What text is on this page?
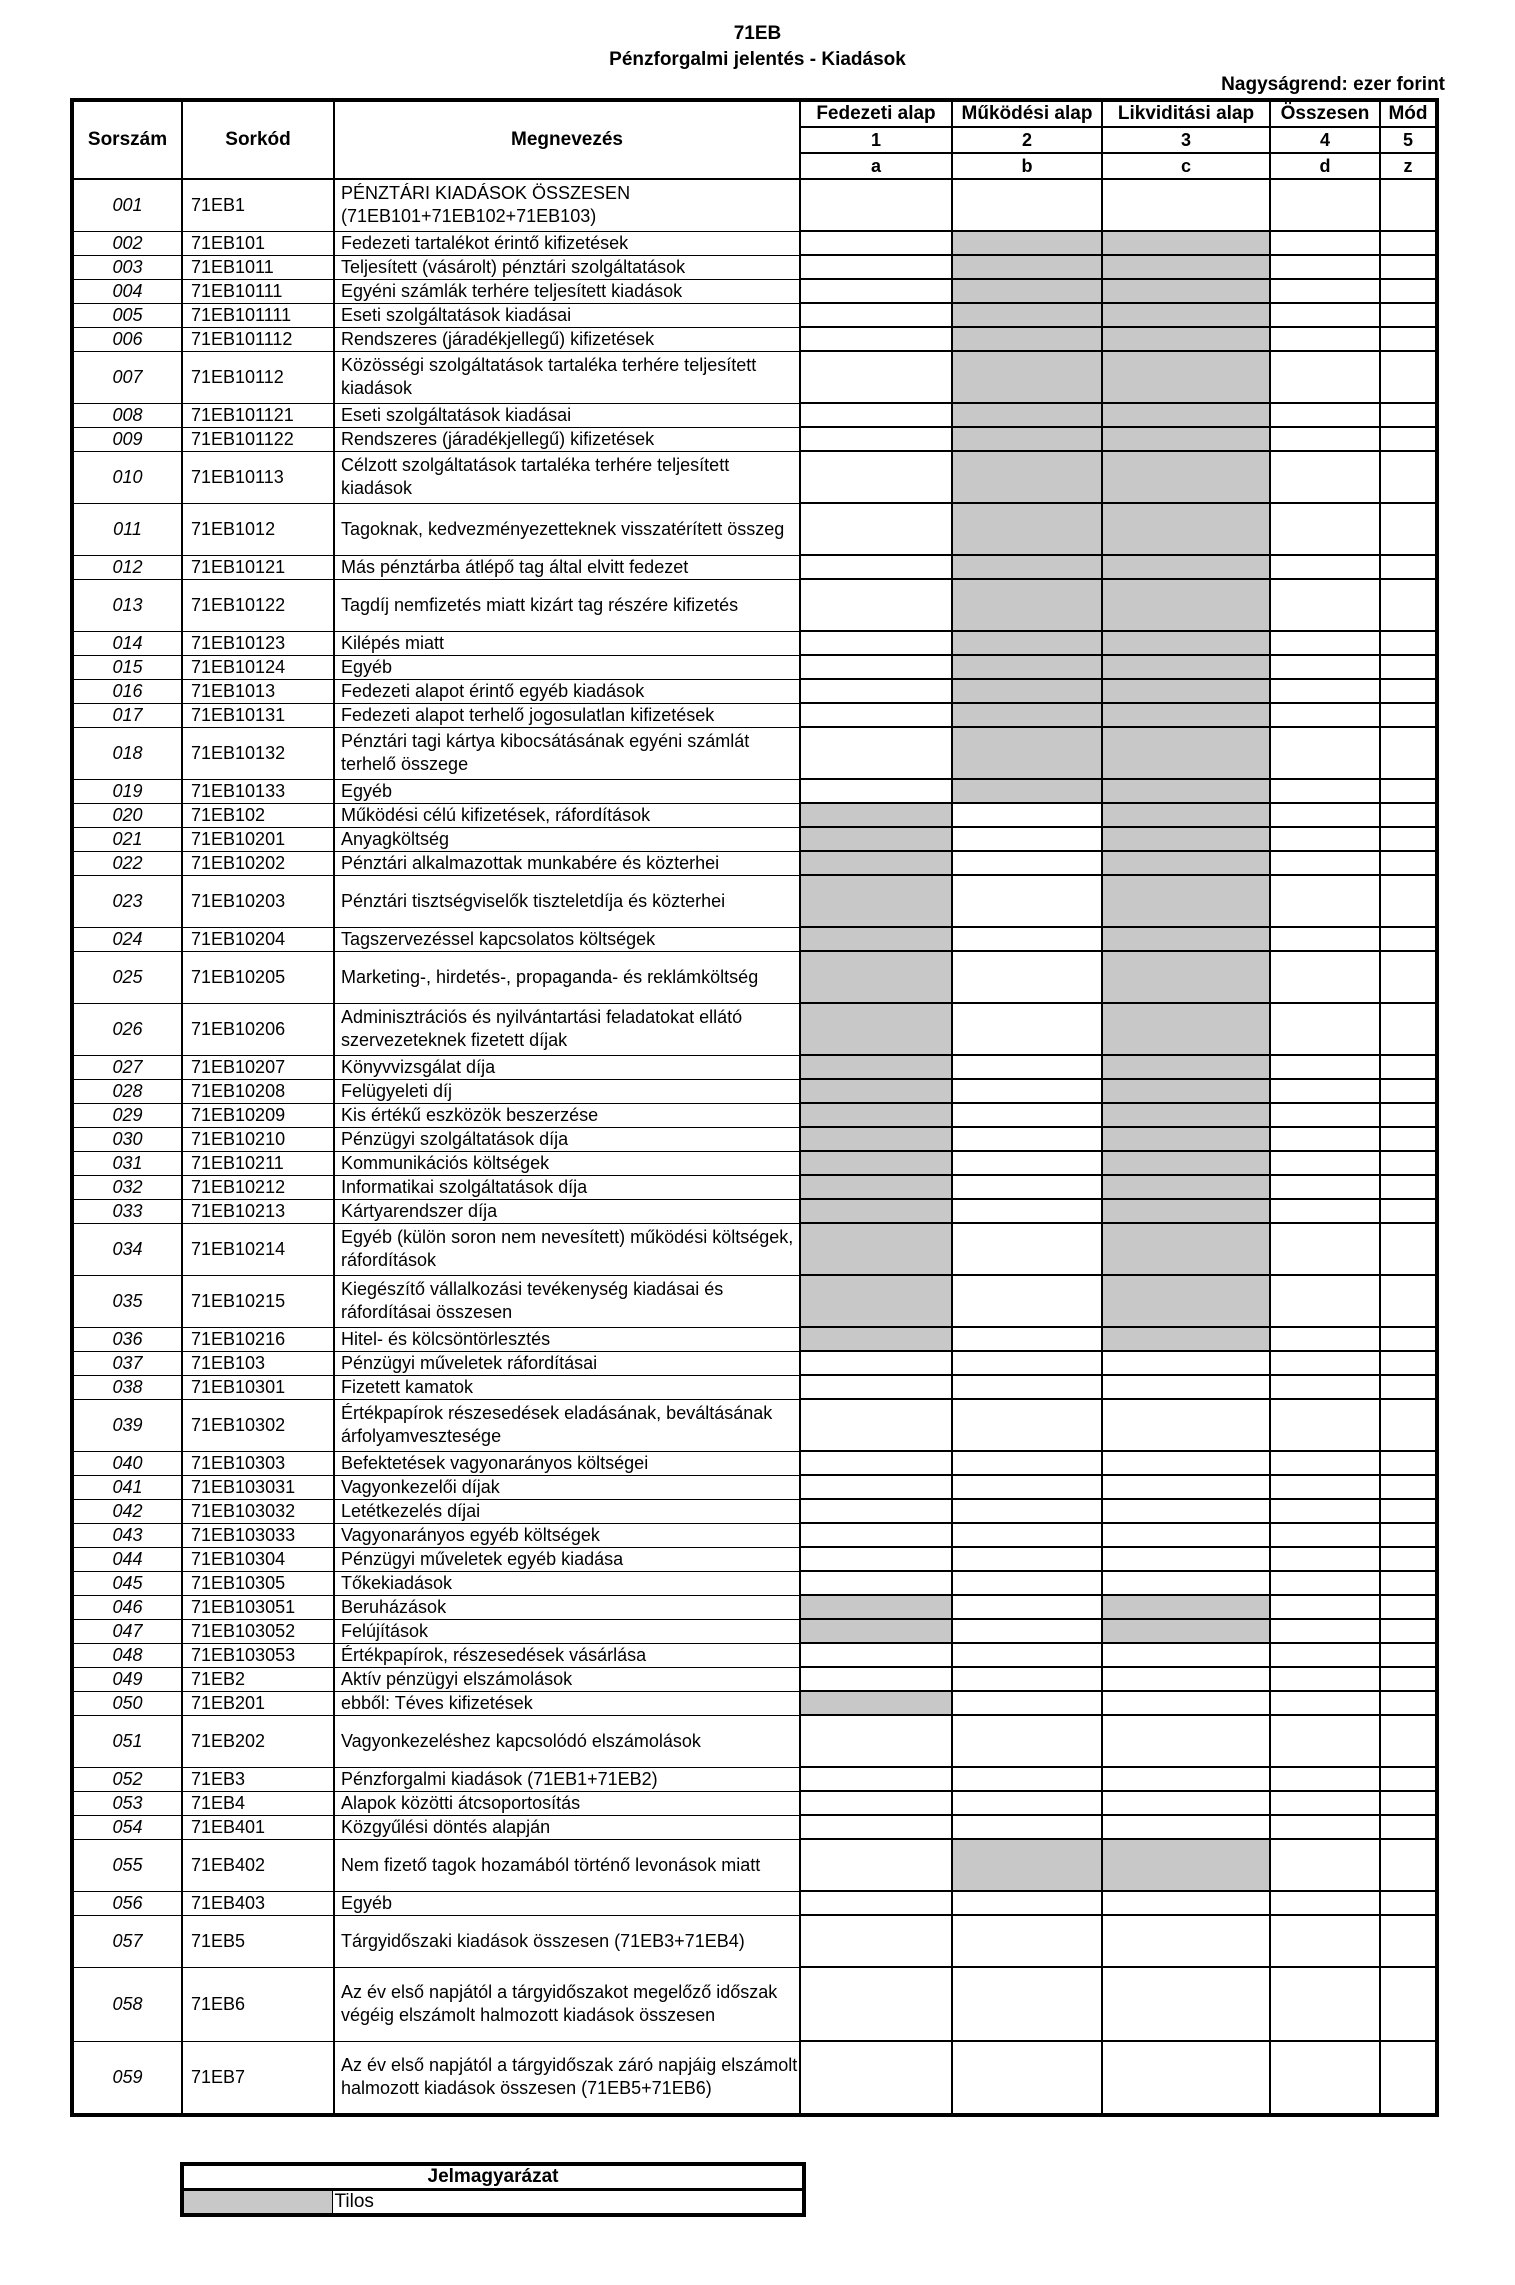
71EB
Pénzforgalmi jelentés - Kiadások
Nagyságrend: ezer forint
Sorszám	Sorkód	Megnevezés	Fedezeti alap	Működési alap	Likviditási alap	Összesen	Mód
			1	2	3	4	5
			a	b	c	d	z
001	71EB1	PÉNZTÁRI KIADÁSOK ÖSSZESEN (71EB101+71EB102+71EB103)					
002	71EB101	Fedezeti tartalékot érintő kifizetések					
003	71EB1011	Teljesített (vásárolt) pénztári szolgáltatások					
004	71EB10111	Egyéni számlák terhére teljesített kiadások					
005	71EB101111	Eseti szolgáltatások kiadásai					
006	71EB101112	Rendszeres (járadékjellegű) kifizetések					
007	71EB10112	Közösségi szolgáltatások tartaléka terhére teljesített kiadások					
008	71EB101121	Eseti szolgáltatások kiadásai					
009	71EB101122	Rendszeres (járadékjellegű) kifizetések					
010	71EB10113	Célzott szolgáltatások tartaléka terhére teljesített kiadások					
011	71EB1012	Tagoknak, kedvezményezetteknek visszatérített összeg					
012	71EB10121	Más pénztárba átlépő tag által elvitt fedezet					
013	71EB10122	Tagdíj nemfizetés miatt kizárt tag részére kifizetés					
014	71EB10123	Kilépés miatt					
015	71EB10124	Egyéb					
016	71EB1013	Fedezeti alapot érintő egyéb kiadások					
017	71EB10131	Fedezeti alapot terhelő jogosulatlan kifizetések					
018	71EB10132	Pénztári tagi kártya kibocsátásának egyéni számlát terhelő összege					
019	71EB10133	Egyéb					
020	71EB102	Működési célú kifizetések, ráfordítások					
021	71EB10201	Anyagköltség					
022	71EB10202	Pénztári alkalmazottak munkabére és közterhei					
023	71EB10203	Pénztári tisztségviselők tiszteletdíja és közterhei					
024	71EB10204	Tagszervezéssel kapcsolatos költségek					
025	71EB10205	Marketing-, hirdetés-, propaganda- és reklámköltség					
026	71EB10206	Adminisztrációs és nyilvántartási feladatokat ellátó szervezeteknek fizetett díjak					
027	71EB10207	Könyvvizsgálat díja					
028	71EB10208	Felügyeleti díj					
029	71EB10209	Kis értékű eszközök beszerzése					
030	71EB10210	Pénzügyi szolgáltatások díja					
031	71EB10211	Kommunikációs költségek					
032	71EB10212	Informatikai szolgáltatások díja					
033	71EB10213	Kártyarendszer díja					
034	71EB10214	Egyéb (külön soron nem nevesített) működési költségek, ráfordítások					
035	71EB10215	Kiegészítő vállalkozási tevékenység kiadásai és ráfordításai összesen					
036	71EB10216	Hitel- és kölcsöntörlesztés					
037	71EB103	Pénzügyi műveletek ráfordításai					
038	71EB10301	Fizetett kamatok					
039	71EB10302	Értékpapírok részesedések eladásának, beváltásának árfolyamvesztesége					
040	71EB10303	Befektetések vagyonarányos költségei					
041	71EB103031	Vagyonkezelői díjak					
042	71EB103032	Letétkezelés díjai					
043	71EB103033	Vagyonarányos egyéb költségek					
044	71EB10304	Pénzügyi műveletek egyéb kiadása					
045	71EB10305	Tőkekiadások					
046	71EB103051	Beruházások					
047	71EB103052	Felújítások					
048	71EB103053	Értékpapírok, részesedések vásárlása					
049	71EB2	Aktív pénzügyi elszámolások					
050	71EB201	ebből: Téves kifizetések					
051	71EB202	Vagyonkezeléshez kapcsolódó elszámolások					
052	71EB3	Pénzforgalmi kiadások (71EB1+71EB2)					
053	71EB4	Alapok közötti átcsoportosítás					
054	71EB401	Közgyűlési döntés alapján					
055	71EB402	Nem fizető tagok hozamából történő levonások miatt					
056	71EB403	Egyéb					
057	71EB5	Tárgyidőszaki kiadások összesen (71EB3+71EB4)					
058	71EB6	Az év első napjától a tárgyidőszakot megelőző időszak végéig elszámolt halmozott kiadások összesen					
059	71EB7	Az év első napjától a tárgyidőszak záró napjáig elszámolt halmozott kiadások összesen (71EB5+71EB6)					
Jelmagyarázat
	Tilos
